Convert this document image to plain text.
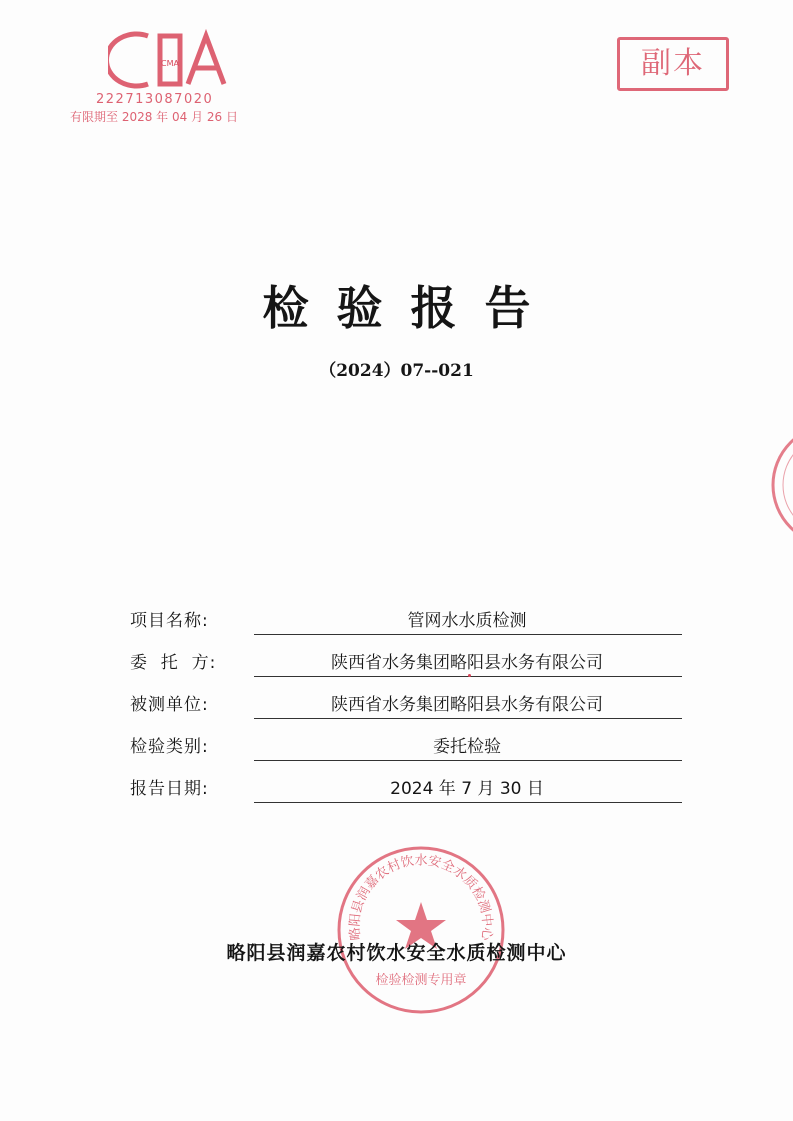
CMA
222713087020
有限期至 2028 年 04 月 26 日
副本
检验报告
（2024）07--021
项目名称:	管网水水质检测
委  托  方:	陕西省水务集团略阳县水务有限公司
被测单位:	陕西省水务集团略阳县水务有限公司
检验类别:	委托检验
报告日期:	2024 年 7 月 30 日
略阳县润嘉农村饮水安全水质检测中心
检验检测专用章
略阳县润嘉农村饮水安全水质检测中心
